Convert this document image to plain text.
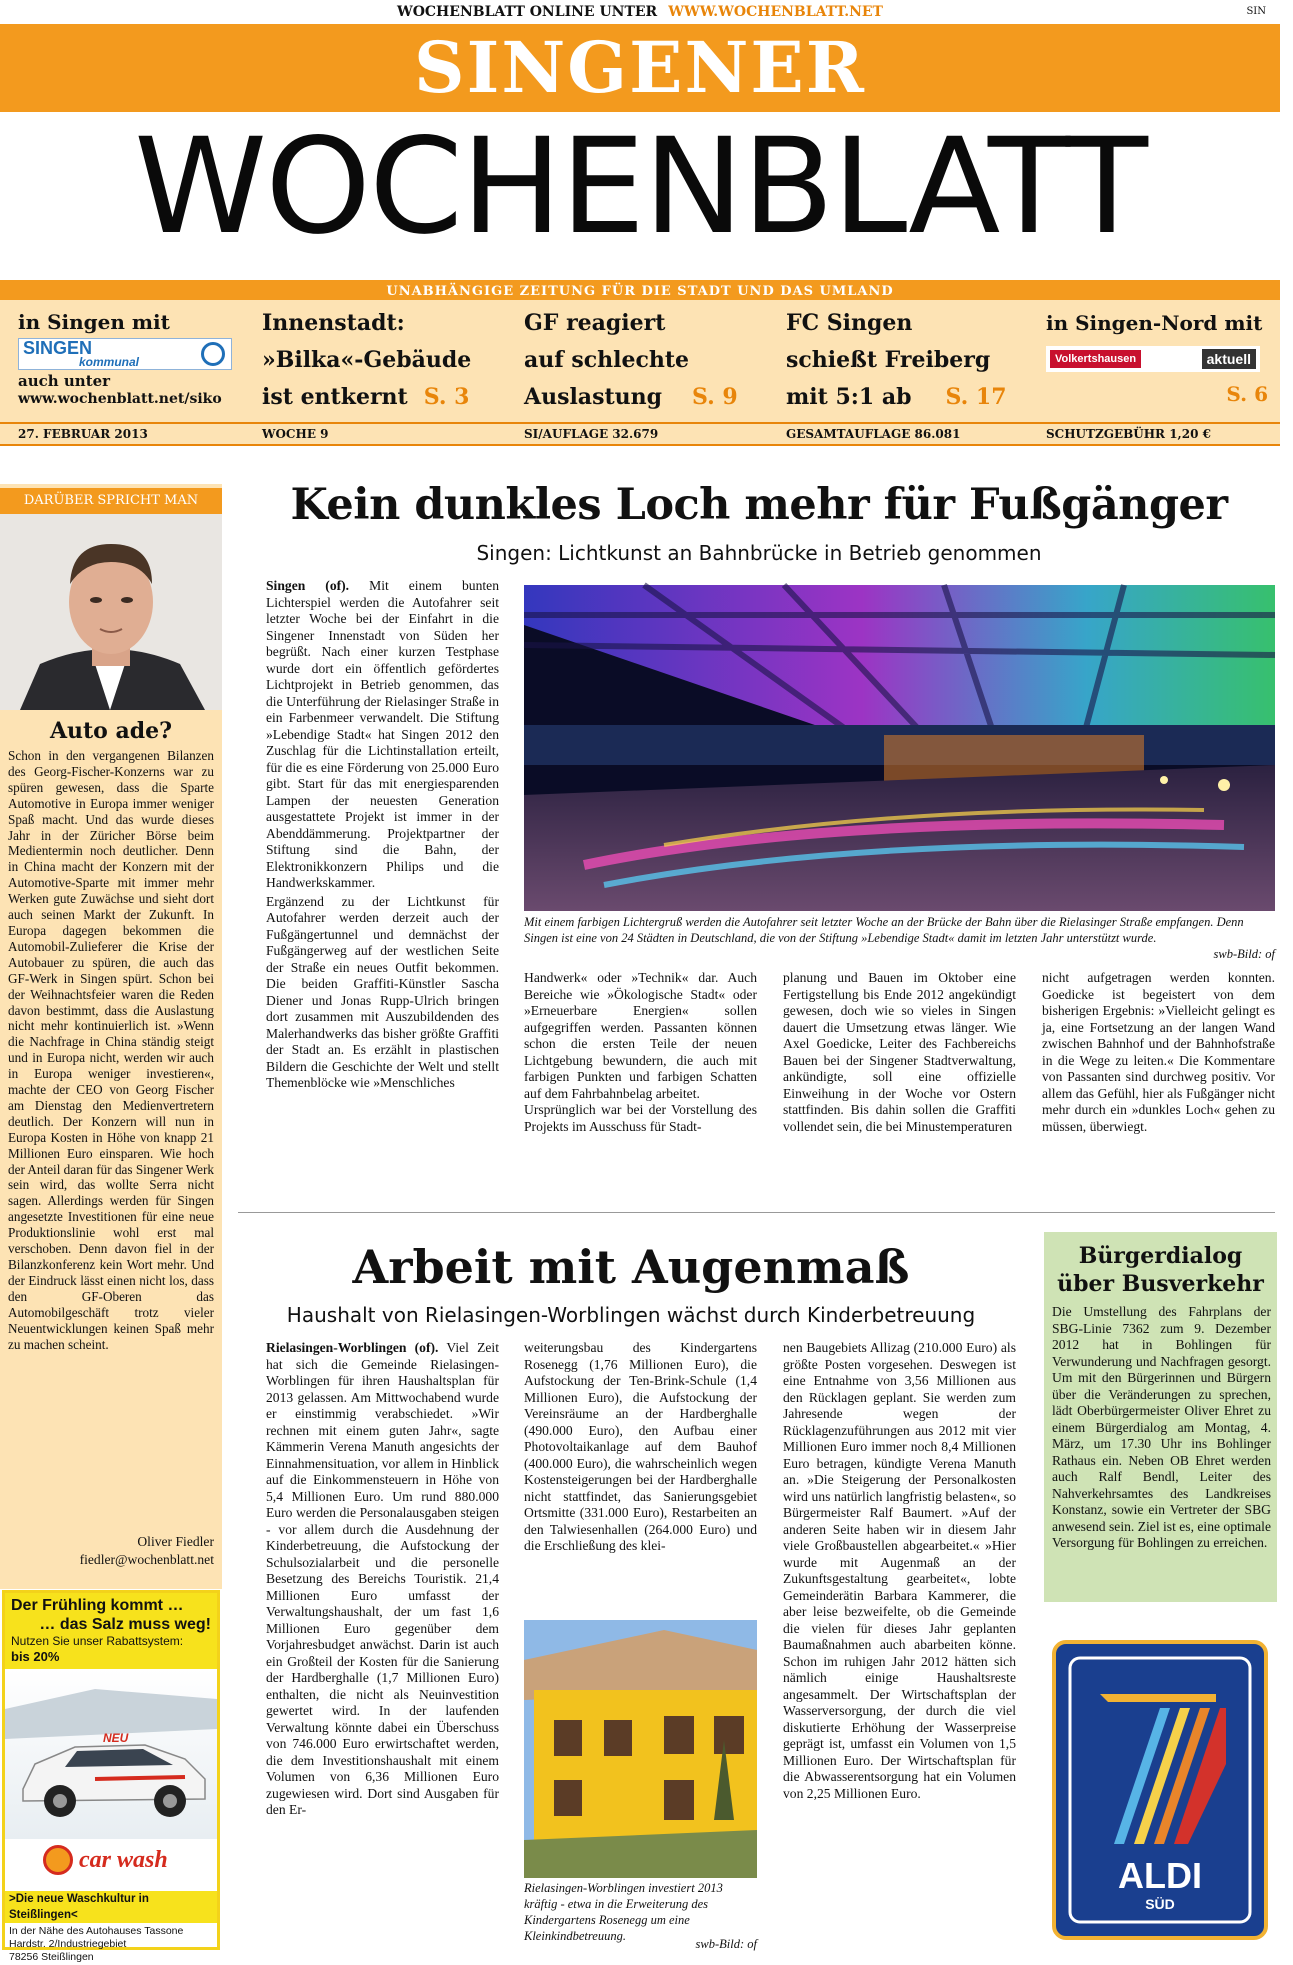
WOCHENBLATT ONLINE UNTER WWW.WOCHENBLATT.NET	SIN
SINGENER
WOCHENBLATT
UNABHÄNGIGE ZEITUNG FÜR DIE STADT UND DAS UMLAND
in Singen mit
SINGEN
kommunal
auch unter
www.wochenblatt.net/siko
Innenstadt:
»Bilka«-Gebäude
ist entkernt S. 3
GF reagiert
auf schlechte
Auslastung S. 9
FC Singen
schießt Freiberg
mit 5:1 ab S. 17
in Singen-Nord mit
Volkertshausen	aktuell
S. 6
27. FEBRUAR 2013	WOCHE 9	SI/AUFLAGE 32.679	GESAMTAUFLAGE 86.081	SCHUTZGEBÜHR 1,20 €
DARÜBER SPRICHT MAN
Auto ade?
Schon in den vergangenen Bilanzen des Georg-Fischer-Konzerns war zu spüren gewesen, dass die Sparte Automotive in Europa immer weniger Spaß macht. Und das wurde dieses Jahr in der Züricher Börse beim Medientermin noch deutlicher. Denn in China macht der Konzern mit der Automotive-Sparte mit immer mehr Werken gute Zuwächse und sieht dort auch seinen Markt der Zukunft. In Europa dagegen bekommen die Automobil-Zulieferer die Krise der Autobauer zu spüren, die auch das GF-Werk in Singen spürt. Schon bei der Weihnachtsfeier waren die Reden davon bestimmt, dass die Auslastung nicht mehr kontinuierlich ist. »Wenn die Nachfrage in China ständig steigt und in Europa nicht, werden wir auch in Europa weniger investieren«, machte der CEO von Georg Fischer am Dienstag den Medienvertretern deutlich. Der Konzern will nun in Europa Kosten in Höhe von knapp 21 Millionen Euro einsparen. Wie hoch der Anteil daran für das Singener Werk sein wird, das wollte Serra nicht sagen. Allerdings werden für Singen angesetzte Investitionen für eine neue Produktionslinie wohl erst mal verschoben. Denn davon fiel in der Bilanzkonferenz kein Wort mehr. Und der Eindruck lässt einen nicht los, dass den GF-Oberen das Automobilgeschäft trotz vieler Neuentwicklungen keinen Spaß mehr zu machen scheint.
Oliver Fiedler
fiedler@wochenblatt.net
Der Frühling kommt …
… das Salz muss weg!
Nutzen Sie unser Rabattsystem:
bis 20%
NEU
car wash
>Die neue Waschkultur in Steißlingen<
In der Nähe des Autohauses Tassone
Hardstr. 2/Industriegebiet
78256 Steißlingen
Kein dunkles Loch mehr für Fußgänger
Singen: Lichtkunst an Bahnbrücke in Betrieb genommen

Singen (of). Mit einem bunten Lichterspiel werden die Autofahrer seit letzter Woche bei der Einfahrt in die Singener Innenstadt von Süden her begrüßt. Nach einer kurzen Testphase wurde dort ein öffentlich gefördertes Lichtprojekt in Betrieb genommen, das die Unterführung der Rielasinger Straße in ein Farbenmeer verwandelt. Die Stiftung »Lebendige Stadt« hat Singen 2012 den Zuschlag für die Lichtinstallation erteilt, für die es eine Förderung von 25.000 Euro gibt. Start für das mit energiesparenden Lampen der neuesten Generation ausgestattete Projekt ist immer in der Abenddämmerung. Projektpartner der Stiftung sind die Bahn, der Elektronikkonzern Philips und die Handwerkskammer.

Ergänzend zu der Lichtkunst für Autofahrer werden derzeit auch der Fußgängertunnel und demnächst der Fußgängerweg auf der westlichen Seite der Straße ein neues Outfit bekommen. Die beiden Graffiti-Künstler Sascha Diener und Jonas Rupp-Ulrich bringen dort zusammen mit Auszubildenden des Malerhandwerks das bisher größte Graffiti der Stadt an. Es erzählt in plastischen Bildern die Geschichte der Welt und stellt Themenblöcke wie »Menschliches

Mit einem farbigen Lichtergruß werden die Autofahrer seit letzter Woche an der Brücke der Bahn über die Rielasinger Straße empfangen. Denn Singen ist eine von 24 Städten in Deutschland, die von der Stiftung »Lebendige Stadt« damit im letzten Jahr unterstützt wurde.
swb-Bild: of

Handwerk« oder »Technik« dar. Auch Bereiche wie »Ökologische Stadt« oder »Erneuerbare Energien« sollen aufgegriffen werden. Passanten können schon die ersten Teile der neuen Lichtgebung bewundern, die auch mit farbigen Punkten und farbigen Schatten auf dem Fahrbahnbelag arbeitet.

Ursprünglich war bei der Vorstellung des Projekts im Ausschuss für Stadt-

planung und Bauen im Oktober eine Fertigstellung bis Ende 2012 angekündigt gewesen, doch wie so vieles in Singen dauert die Umsetzung etwas länger. Wie Axel Goedicke, Leiter des Fachbereichs Bauen bei der Singener Stadtverwaltung, ankündigte, soll eine offizielle Einweihung in der Woche vor Ostern stattfinden. Bis dahin sollen die Graffiti vollendet sein, die bei Minustemperaturen
nicht aufgetragen werden konnten. Goedicke ist begeistert von dem bisherigen Ergebnis: »Vielleicht gelingt es ja, eine Fortsetzung an der langen Wand zwischen Bahnhof und der Bahnhofstraße in die Wege zu leiten.« Die Kommentare von Passanten sind durchweg positiv. Vor allem das Gefühl, hier als Fußgänger nicht mehr durch ein »dunkles Loch« gehen zu müssen, überwiegt.
Arbeit mit Augenmaß
Haushalt von Rielasingen-Worblingen wächst durch Kinderbetreuung

Rielasingen-Worblingen (of). Viel Zeit hat sich die Gemeinde Rielasingen-Worblingen für ihren Haushaltsplan für 2013 gelassen. Am Mittwochabend wurde er einstimmig verabschiedet. »Wir rechnen mit einem guten Jahr«, sagte Kämmerin Verena Manuth angesichts der Einnahmensituation, vor allem in Hinblick auf die Einkommensteuern in Höhe von 5,4 Millionen Euro. Um rund 880.000 Euro werden die Personalausgaben steigen - vor allem durch die Ausdehnung der Kinderbetreuung, die Aufstockung der Schulsozialarbeit und die personelle Besetzung des Bereichs Touristik. 21,4 Millionen Euro umfasst der Verwaltungshaushalt, der um fast 1,6 Millionen Euro gegenüber dem Vorjahresbudget anwächst. Darin ist auch ein Großteil der Kosten für die Sanierung der Hardberghalle (1,7 Millionen Euro) enthalten, die nicht als Neuinvestition gewertet wird. In der laufenden Verwaltung könnte dabei ein Überschuss von 746.000 Euro erwirtschaftet werden, die dem Investitionshaushalt mit einem Volumen von 6,36 Millionen Euro zugewiesen wird. Dort sind Ausgaben für den Er-

weiterungsbau des Kindergartens Rosenegg (1,76 Millionen Euro), die Aufstockung der Ten-Brink-Schule (1,4 Millionen Euro), die Aufstockung der Vereinsräume an der Hardberghalle (490.000 Euro), den Aufbau einer Photovoltaikanlage auf dem Bauhof (400.000 Euro), die wahrscheinlich wegen Kostensteigerungen bei der Hardberghalle nicht stattfindet, das Sanierungsgebiet Ortsmitte (331.000 Euro), Restarbeiten an den Talwiesenhallen (264.000 Euro) und die Erschließung des klei-
Rielasingen-Worblingen investiert 2013 kräftig - etwa in die Erweiterung des Kindergartens Rosenegg um eine Kleinkindbetreuung.
swb-Bild: of
nen Baugebiets Allizag (210.000 Euro) als größte Posten vorgesehen. Deswegen ist eine Entnahme von 3,56 Millionen aus den Rücklagen geplant. Sie werden zum Jahresende wegen der Rücklagenzuführungen aus 2012 mit vier Millionen Euro immer noch 8,4 Millionen Euro betragen, kündigte Verena Manuth an. »Die Steigerung der Personalkosten wird uns natürlich langfristig belasten«, so Bürgermeister Ralf Baumert. »Auf der anderen Seite haben wir in diesem Jahr viele Großbaustellen abgearbeitet.« »Hier wurde mit Augenmaß an der Zukunftsgestaltung gearbeitet«, lobte Gemeinderätin Barbara Kammerer, die aber leise bezweifelte, ob die Gemeinde die vielen für dieses Jahr geplanten Baumaßnahmen auch abarbeiten könne. Schon im ruhigen Jahr 2012 hätten sich nämlich einige Haushaltsreste angesammelt. Der Wirtschaftsplan der Wasserversorgung, der durch die viel diskutierte Erhöhung der Wasserpreise geprägt ist, umfasst ein Volumen von 1,5 Millionen Euro. Der Wirtschaftsplan für die Abwasserentsorgung hat ein Volumen von 2,25 Millionen Euro.
Bürgerdialog
über Busverkehr
Die Umstellung des Fahrplans der SBG-Linie 7362 zum 9. Dezember 2012 hat in Bohlingen für Verwunderung und Nachfragen gesorgt. Um mit den Bürgerinnen und Bürgern über die Veränderungen zu sprechen, lädt Oberbürgermeister Oliver Ehret zu einem Bürgerdialog am Montag, 4. März, um 17.30 Uhr ins Bohlinger Rathaus ein. Neben OB Ehret werden auch Ralf Bendl, Leiter des Nahverkehrsamtes des Landkreises Konstanz, sowie ein Vertreter der SBG anwesend sein. Ziel ist es, eine optimale Versorgung für Bohlingen zu erreichen.
ALDI
SÜD
